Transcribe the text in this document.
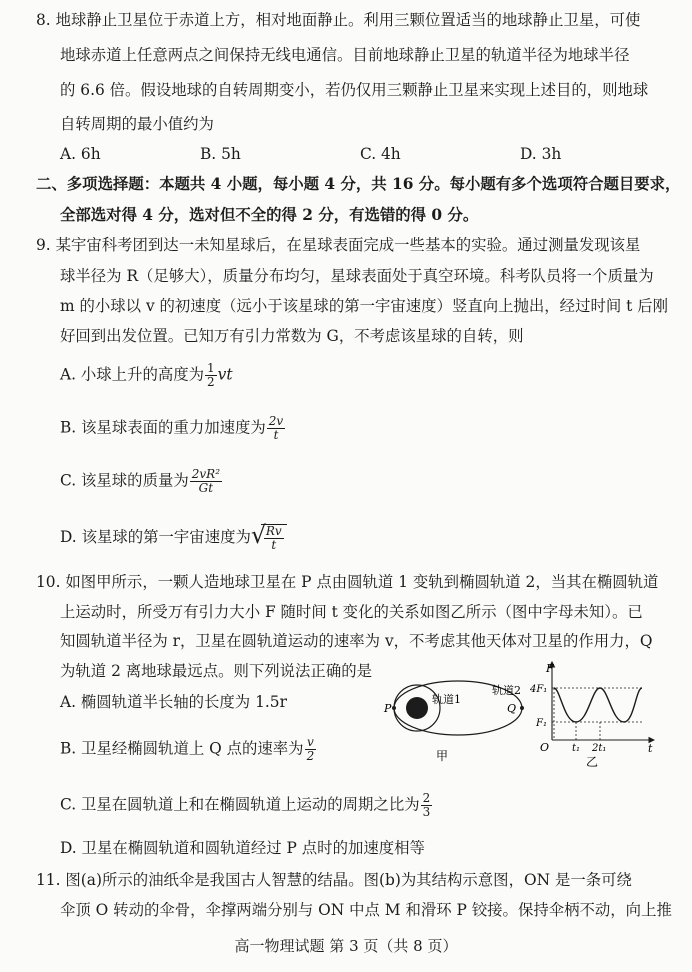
8. 地球静止卫星位于赤道上方，相对地面静止。利用三颗位置适当的地球静止卫星，可使
地球赤道上任意两点之间保持无线电通信。目前地球静止卫星的轨道半径为地球半径
的 6.6 倍。假设地球的自转周期变小，若仍仅用三颗静止卫星来实现上述目的，则地球
自转周期的最小值约为
A. 6h	B. 5h	C. 4h	D. 3h
二、多项选择题：本题共 4 小题，每小题 4 分，共 16 分。每小题有多个选项符合题目要求，
全部选对得 4 分，选对但不全的得 2 分，有选错的得 0 分。
9. 某宇宙科考团到达一未知星球后，在星球表面完成一些基本的实验。通过测量发现该星
球半径为 R（足够大），质量分布均匀，星球表面处于真空环境。科考队员将一个质量为
m 的小球以 v 的初速度（远小于该星球的第一宇宙速度）竖直向上抛出，经过时间 t 后刚
好回到出发位置。已知万有引力常数为 G，不考虑该星球的自转，则
A. 小球上升的高度为 $\frac{1}{2}$ vt
B. 该星球表面的重力加速度为 $\frac{2v}{t}$
C. 该星球的质量为 $\frac{\text{2vR²}}{Gt}$
D. 该星球的第一宇宙速度为 √
$\frac{Rv}{t}$
10. 如图甲所示，一颗人造地球卫星在 P 点由圆轨道 1 变轨到椭圆轨道 2，当其在椭圆轨道
上运动时，所受万有引力大小 F 随时间 t 变化的关系如图乙所示（图中字母未知）。已
知圆轨道半径为 r，卫星在圆轨道运动的速率为 v，不考虑其他天体对卫星的作用力，Q
为轨道 2 离地球最远点。则下列说法正确的是
A. 椭圆轨道半长轴的长度为 1.5r
B. 卫星经椭圆轨道上 Q 点的速率为 $\frac{v}{2}$
C. 卫星在圆轨道上和在椭圆轨道上运动的周期之比为 $\frac{2}{3}$
D. 卫星在椭圆轨道和圆轨道经过 P 点时的加速度相等
P	Q
轨道1
轨道2
甲
F
t
O
4F₁
F₁
t₁ 2t₁
乙
11. 图(a)所示的油纸伞是我国古人智慧的结晶。图(b)为其结构示意图，ON 是一条可绕
伞顶 O 转动的伞骨，伞撑两端分别与 ON 中点 M 和滑环 P 铰接。保持伞柄不动，向上推
高一物理试题 第 3 页（共 8 页）
